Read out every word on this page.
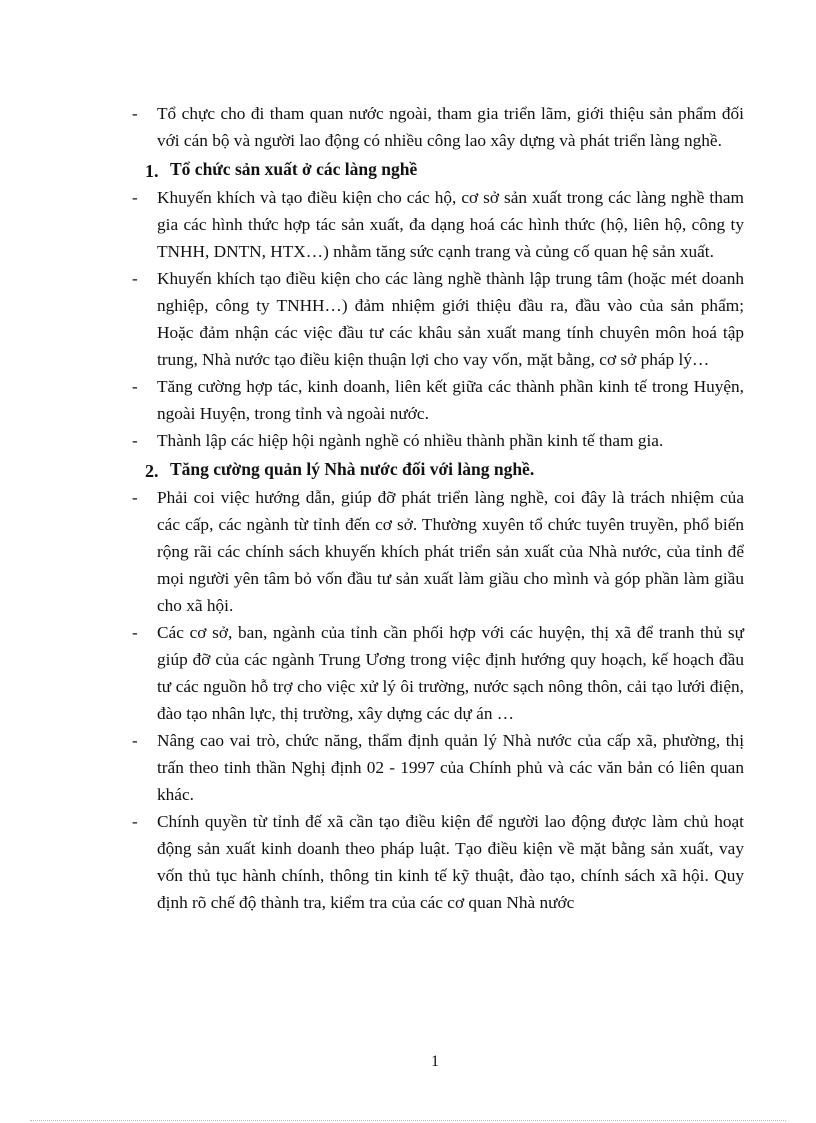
-	Tổ chực cho đi tham quan nước ngoài, tham gia triển lãm, giới thiệu sản phẩm đối với cán bộ và người lao động có nhiều công lao xây dựng và phát triển làng nghề.
1. Tổ chức sản xuất ở các làng nghề
-	Khuyến khích và tạo điều kiện cho các hộ, cơ sở sản xuất trong các làng nghề tham gia các hình thức hợp tác sản xuất, đa dạng hoá các hình thức (hộ, liên hộ, công ty TNHH, DNTN, HTX…) nhằm tăng sức cạnh trang và củng cố quan hệ sản xuất.
-	Khuyến khích tạo điều kiện cho các làng nghề thành lập trung tâm (hoặc mét doanh nghiệp, công ty TNHH…) đảm nhiệm giới thiệu đầu ra, đầu vào của sản phẩm; Hoặc đảm nhận các việc đầu tư các khâu sản xuất mang tính chuyên môn hoá tập trung, Nhà nước tạo điều kiện thuận lợi cho vay vốn, mặt bằng, cơ sở pháp lý…
-	Tăng cường hợp tác, kinh doanh, liên kết giữa các thành phần kinh tế trong Huyện, ngoài Huyện, trong tỉnh và ngoài nước.
-	Thành lập các hiệp hội ngành nghề có nhiều thành phần kinh tế tham gia.
2. Tăng cường quản lý Nhà nước đối với làng nghề.
-	Phải coi việc hướng dẫn, giúp đỡ phát triển làng nghề, coi đây là trách nhiệm của các cấp, các ngành từ tỉnh đến cơ sở. Thường xuyên tổ chức tuyên truyền, phổ biến rộng rãi các chính sách khuyến khích phát triển sản xuất của Nhà nước, của tỉnh để mọi người yên tâm bỏ vốn đầu tư sản xuất làm giầu cho mình và góp phần làm giầu cho xã hội.
-	Các cơ sở, ban, ngành của tỉnh cần phối hợp với các huyện, thị xã để tranh thủ sự giúp đỡ của các ngành Trung Ương trong việc định hướng quy hoạch, kế hoạch đầu tư các nguồn hỗ trợ cho việc xử lý ôi trường, nước sạch nông thôn, cải tạo lưới điện, đào tạo nhân lực, thị trường, xây dựng các dự án …
-	Nâng cao vai trò, chức năng, thẩm định quản lý Nhà nước của cấp xã, phường, thị trấn theo tinh thần Nghị định 02 - 1997 của Chính phủ và các văn bản có liên quan khác.
-	Chính quyền từ tỉnh đế xã cần tạo điều kiện để người lao động được làm chủ hoạt động sản xuất kinh doanh theo pháp luật. Tạo điều kiện về mặt bằng sản xuất, vay vốn thủ tục hành chính, thông tin kinh tế kỹ thuật, đào tạo, chính sách xã hội. Quy định rõ chế độ thành tra, kiểm tra của các cơ quan Nhà nước
1
